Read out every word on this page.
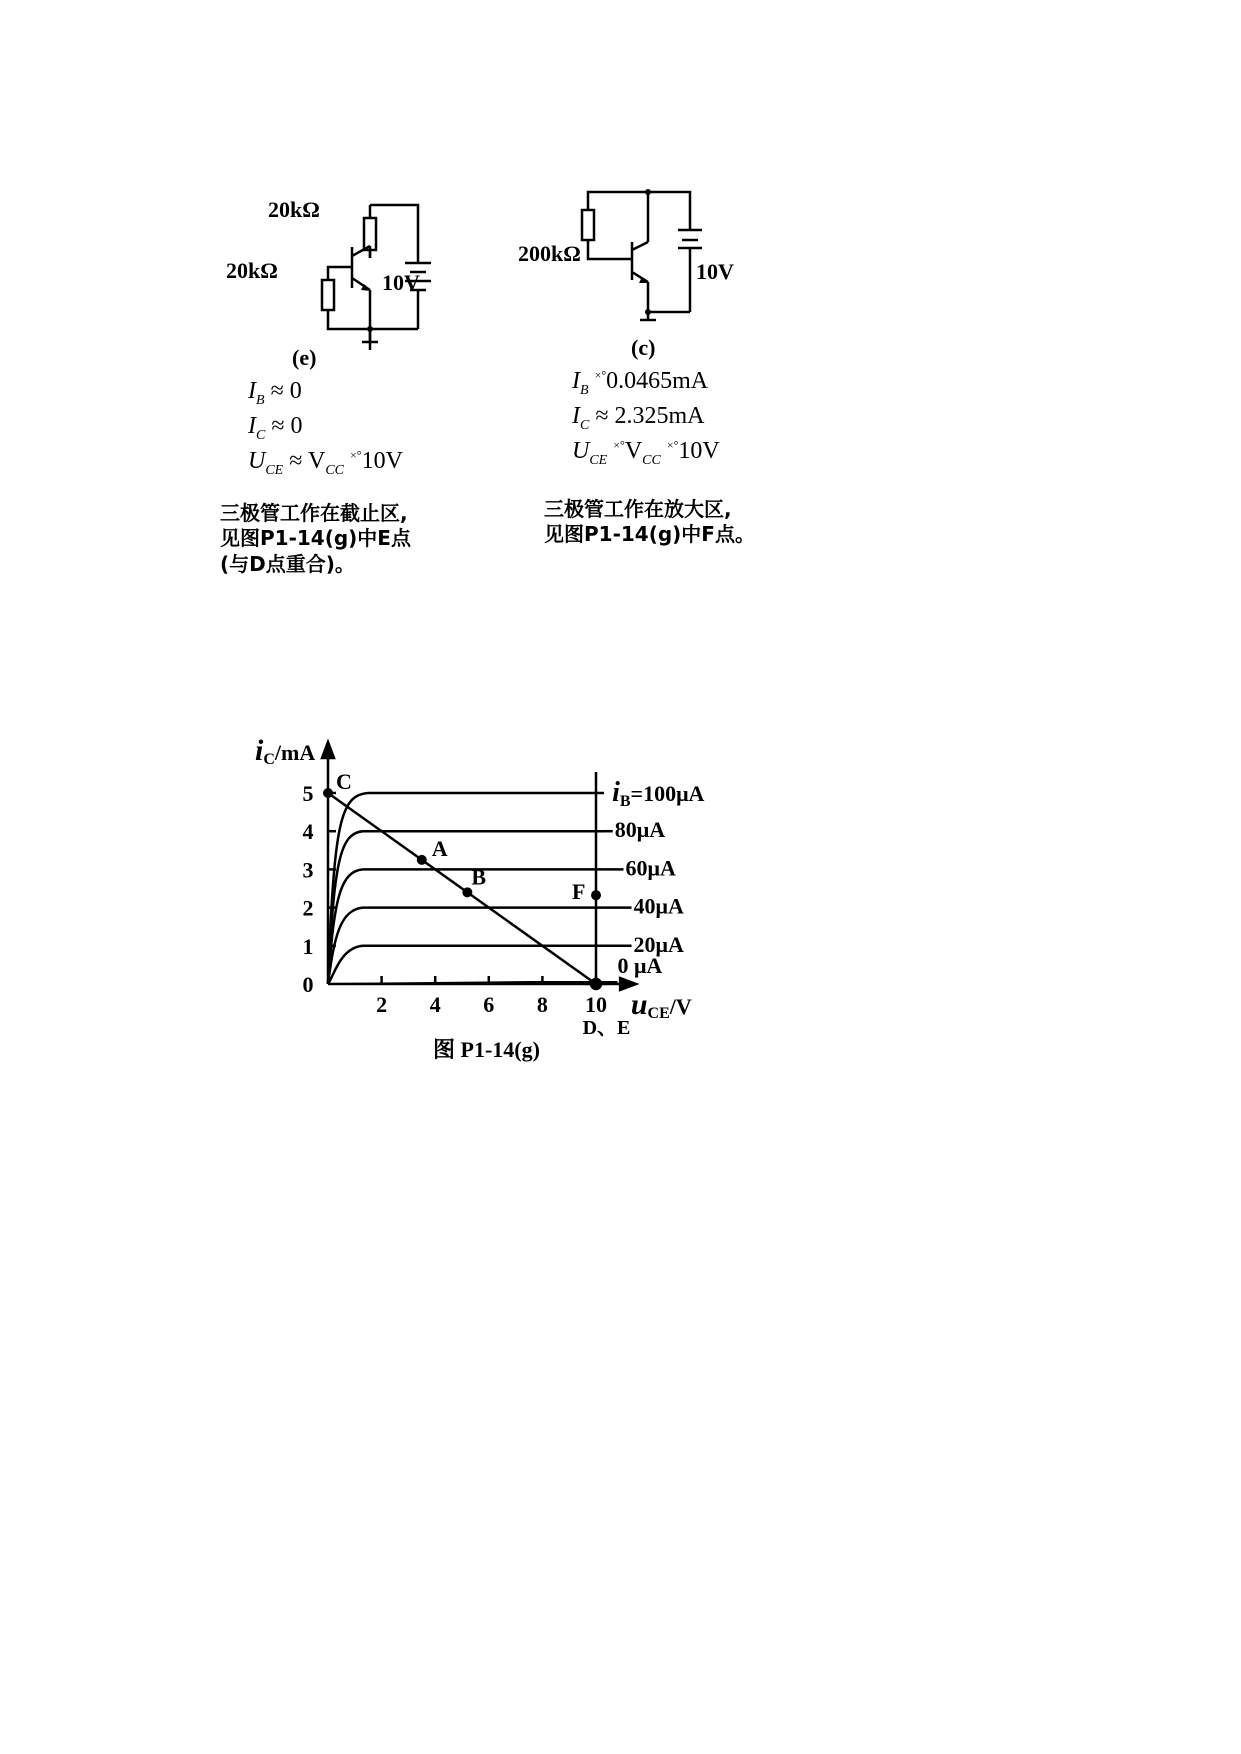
20kΩ
20kΩ	10V
(e)
$I_B \approx 0$
$I_C \approx 0$
$U_{CE} \approx V_{CC}$ ×°10V
三极管工作在截止区,
见图P1-14(g)中E点
(与D点重合)。
200kΩ
10V
(c)
$I_B$ ×°0.0465mA
$I_C \approx 2.325mA$
$U_{CE}$ $^{\times^\circ}V_{CC}$ ×°10V
三极管工作在放大区,
见图P1-14(g)中F点。
0
1
2
3
4
5
2 4 6 8 10
A
B
C
F
$i_B=100\mu A$
80μA
60μA
40μA
20μA
0 μA
iC/mA
uCE/V
D、E
图 P1-14(g)
